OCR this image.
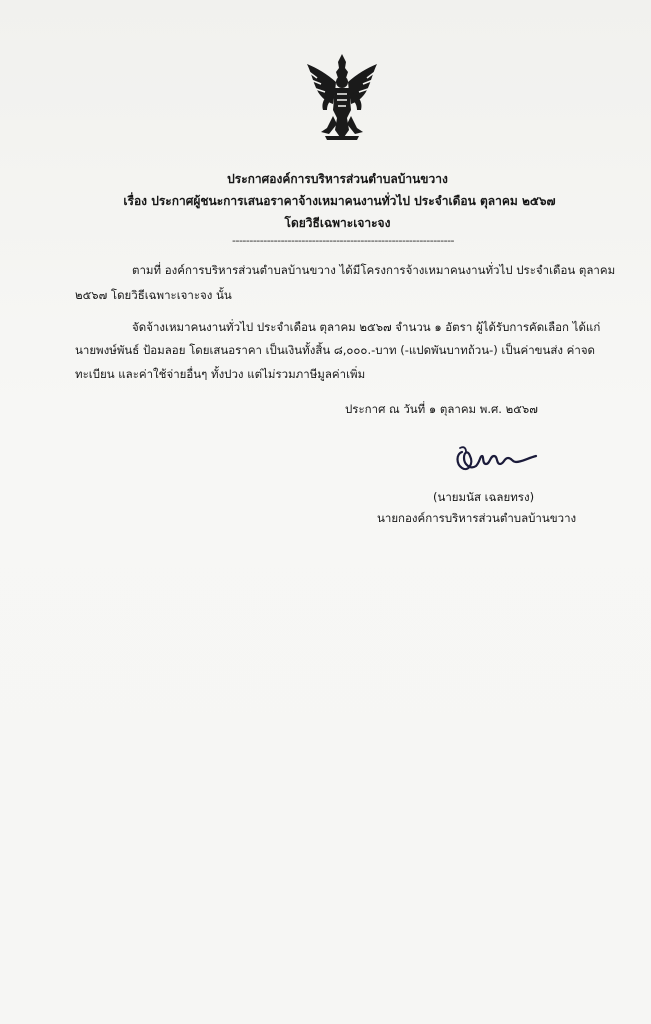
ประกาศองค์การบริหารส่วนตำบลบ้านขวาง
เรื่อง ประกาศผู้ชนะการเสนอราคาจ้างเหมาคนงานทั่วไป ประจำเดือน ตุลาคม ๒๕๖๗
โดยวิธีเฉพาะเจาะจง
----------------------------------------------------------------
ตามที่ องค์การบริหารส่วนตำบลบ้านขวาง ได้มีโครงการจ้างเหมาคนงานทั่วไป ประจำเดือน ตุลาคม
๒๕๖๗ โดยวิธีเฉพาะเจาะจง นั้น
จัดจ้างเหมาคนงานทั่วไป ประจำเดือน ตุลาคม ๒๕๖๗ จำนวน ๑ อัตรา ผู้ได้รับการคัดเลือก ได้แก่
นายพงษ์พันธ์ ป้อมลอย โดยเสนอราคา เป็นเงินทั้งสิ้น ๘,๐๐๐.-บาท (-แปดพันบาทถ้วน-) เป็นค่าขนส่ง ค่าจด
ทะเบียน และค่าใช้จ่ายอื่นๆ ทั้งปวง แต่ไม่รวมภาษีมูลค่าเพิ่ม
ประกาศ ณ วันที่ ๑ ตุลาคม พ.ศ. ๒๕๖๗
(นายมนัส เฉลยทรง)
นายกองค์การบริหารส่วนตำบลบ้านขวาง
